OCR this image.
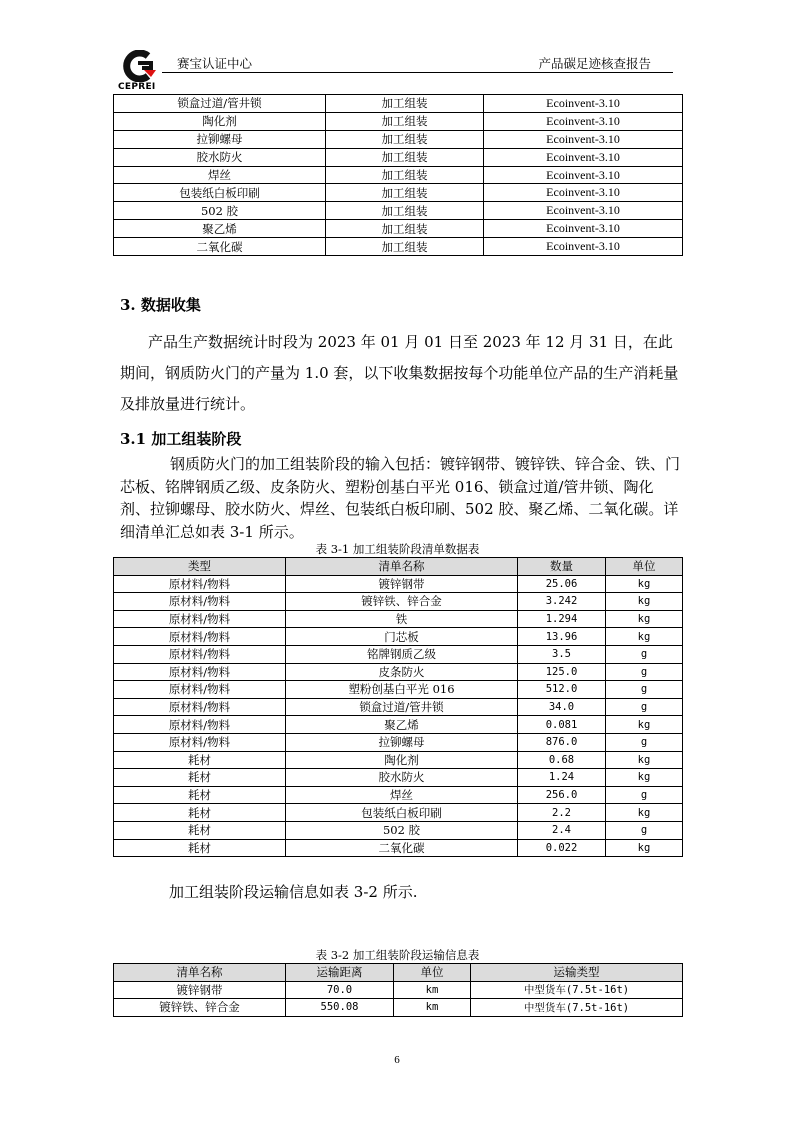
CEPREI
赛宝认证中心	产品碳足迹核查报告
锁盒过道/管井锁	加工组装	Ecoinvent-3.10
陶化剂	加工组装	Ecoinvent-3.10
拉铆螺母	加工组装	Ecoinvent-3.10
胶水防火	加工组装	Ecoinvent-3.10
焊丝	加工组装	Ecoinvent-3.10
包装纸白板印刷	加工组装	Ecoinvent-3.10
502 胶	加工组装	Ecoinvent-3.10
聚乙烯	加工组装	Ecoinvent-3.10
二氧化碳	加工组装	Ecoinvent-3.10
3. 数据收集
产品生产数据统计时段为 2023 年 01 月 01 日至 2023 年 12 月 31 日，在此期间，钢质防火门的产量为 1.0 套，以下收集数据按每个功能单位产品的生产消耗量及排放量进行统计。
3.1 加工组装阶段
钢质防火门的加工组装阶段的输入包括：镀锌钢带、镀锌铁、锌合金、铁、门芯板、铭牌钢质乙级、皮条防火、塑粉创基白平光 016、锁盒过道/管井锁、陶化剂、拉铆螺母、胶水防火、焊丝、包装纸白板印刷、502 胶、聚乙烯、二氧化碳。详细清单汇总如表 3-1 所示。
表 3-1 加工组装阶段清单数据表
类型	清单名称	数量	单位
原材料/物料	镀锌钢带	25.06	kg
原材料/物料	镀锌铁、锌合金	3.242	kg
原材料/物料	铁	1.294	kg
原材料/物料	门芯板	13.96	kg
原材料/物料	铭牌钢质乙级	3.5	g
原材料/物料	皮条防火	125.0	g
原材料/物料	塑粉创基白平光 016	512.0	g
原材料/物料	锁盒过道/管井锁	34.0	g
原材料/物料	聚乙烯	0.081	kg
原材料/物料	拉铆螺母	876.0	g
耗材	陶化剂	0.68	kg
耗材	胶水防火	1.24	kg
耗材	焊丝	256.0	g
耗材	包装纸白板印刷	2.2	kg
耗材	502 胶	2.4	g
耗材	二氧化碳	0.022	kg
加工组装阶段运输信息如表 3-2 所示.
表 3-2 加工组装阶段运输信息表
清单名称	运输距离	单位	运输类型
镀锌钢带	70.0	km	中型货车(7.5t-16t)
镀锌铁、锌合金	550.08	km	中型货车(7.5t-16t)
6
